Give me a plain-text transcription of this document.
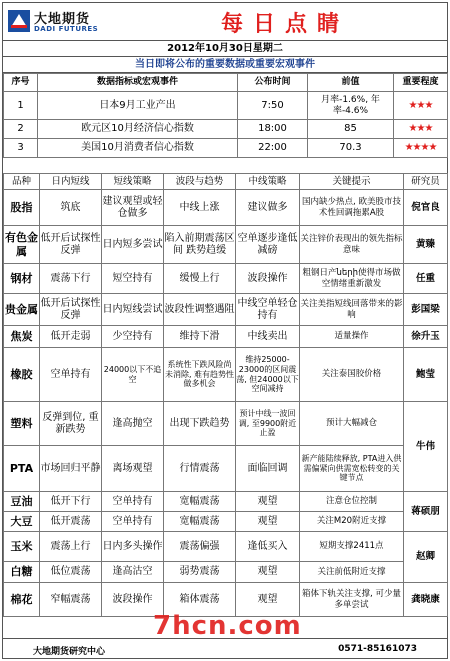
大地期货
DADI FUTURES	每日点睛
2012年10月30日星期二
当日即将公布的重要数据或重要宏观事件
序号	数据指标或宏观事件	公布时间	前值	重要程度
1	日本9月工业产出	7:50	月率-1.6%, 年率-4.6%	★★★
2	欧元区10月经济信心指数	18:00	85	★★★
3	美国10月消费者信心指数	22:00	70.3	★★★★
品种	日内短线	短线策略	波段与趋势	中线策略	关键提示	研究员
股指	筑底	建议观望或轻仓做多	中线上涨	建议做多	国内缺少热点, 欧美股市技术性回调拖累A股	倪官良
有色金属	低开后试探性反弹	日内短多尝试	陷入前期震荡区间 跌势趋缓	空单逐步逢低减磅	关注锌价表现出的领先指标意味	黄臻
钢材	震荡下行	短空持有	缓慢上行	波段操作	粗钢日产ների使得市场做空情绪重新激发	任重
贵金属	低开后试探性反弹	日内短线尝试	波段性调整遇阻	中线空单轻仓持有	关注美指短线回落带来的影响	彭国梁
焦炭	低开走弱	少空持有	维持下滑	中线卖出	适量操作	徐升玉
橡胶	空单持有	24000以下不追空	系统性下跌风险尚未消除, 难有趋势性做多机会	维持25000-23000的区间震荡, 但24000以下空间减持	关注泰国胶价格	鲍莹
塑料	反弹到位, 重新跌势	逢高抛空	出现下跌趋势	预计中线一波回调, 至9900附近止盈	预计大幅减仓	牛伟
PTA	市场回归平静	离场观望	行情震荡	面临回调	新产能陆续释放, PTA进入供需偏紧向供需宽松转变的关键节点	
豆油	低开下行	空单持有	宽幅震荡	观望	注意仓位控制	蒋硕朋
大豆	低开震荡	空单持有	宽幅震荡	观望	关注M20附近支撑	
玉米	震荡上行	日内多头操作	震荡偏强	逢低买入	短期支撑2411点	赵卿
白糖	低位震荡	逢高沽空	弱势震荡	观望	关注前低附近支撑	
棉花	窄幅震荡	波段操作	箱体震荡	观望	箱体下轨关注支撑, 可少量多单尝试	龚晓康
7hcn.com
大地期货研究中心	0571-85161073
